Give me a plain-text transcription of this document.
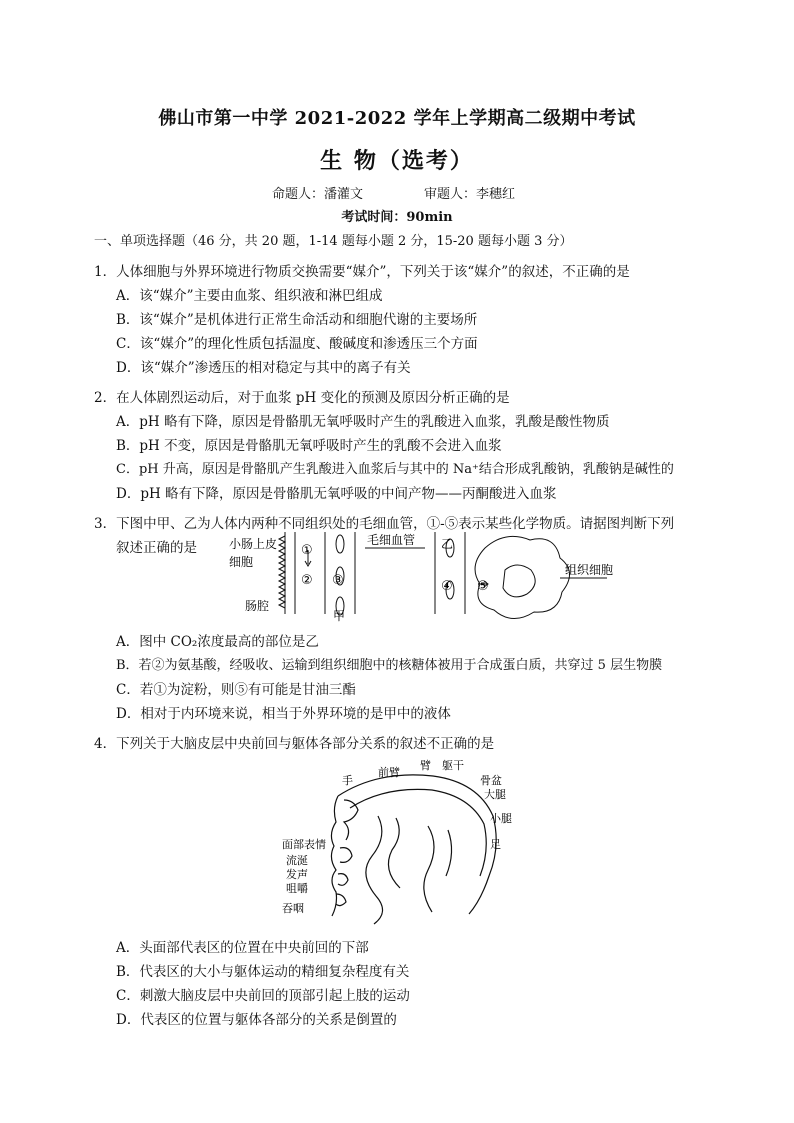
佛山市第一中学 2021-2022 学年上学期高二级期中考试
生 物（选考）
命题人：潘灌文	审题人：李穗红
考试时间：90min
一、单项选择题（46 分，共 20 题，1-14 题每小题 2 分，15-20 题每小题 3 分）
1．人体细胞与外界环境进行物质交换需要“媒介”，下列关于该“媒介”的叙述，不正确的是
A．该“媒介”主要由血浆、组织液和淋巴组成
B．该“媒介”是机体进行正常生命活动和细胞代谢的主要场所
C．该“媒介”的理化性质包括温度、酸碱度和渗透压三个方面
D．该“媒介”渗透压的相对稳定与其中的离子有关
2．在人体剧烈运动后，对于血浆 pH 变化的预测及原因分析正确的是
A．pH 略有下降，原因是骨骼肌无氧呼吸时产生的乳酸进入血浆，乳酸是酸性物质
B．pH 不变，原因是骨骼肌无氧呼吸时产生的乳酸不会进入血浆
C．pH 升高，原因是骨骼肌产生乳酸进入血浆后与其中的 Na⁺结合形成乳酸钠，乳酸钠是碱性的
D．pH 略有下降，原因是骨骼肌无氧呼吸的中间产物——丙酮酸进入血浆
3．下图中甲、乙为人体内两种不同组织处的毛细血管，①-⑤表示某些化学物质。请据图判断下列
叙述正确的是	①
② ③	④ ⑤
小肠上皮
细胞
肠腔
毛细血管
甲
乙
组织细胞
A．图中 CO₂浓度最高的部位是乙
B．若②为氨基酸，经吸收、运输到组织细胞中的核糖体被用于合成蛋白质，共穿过 5 层生物膜
C．若①为淀粉，则⑤有可能是甘油三酯
D．相对于内环境来说，相当于外界环境的是甲中的液体
4．下列关于大脑皮层中央前回与躯体各部分关系的叙述不正确的是
手
前臂
臂 躯干
骨盆
大腿
小腿
足
面部表情
流涎
发声
咀嚼
吞咽
A．头面部代表区的位置在中央前回的下部
B．代表区的大小与躯体运动的精细复杂程度有关
C．刺激大脑皮层中央前回的顶部引起上肢的运动
D．代表区的位置与躯体各部分的关系是倒置的
